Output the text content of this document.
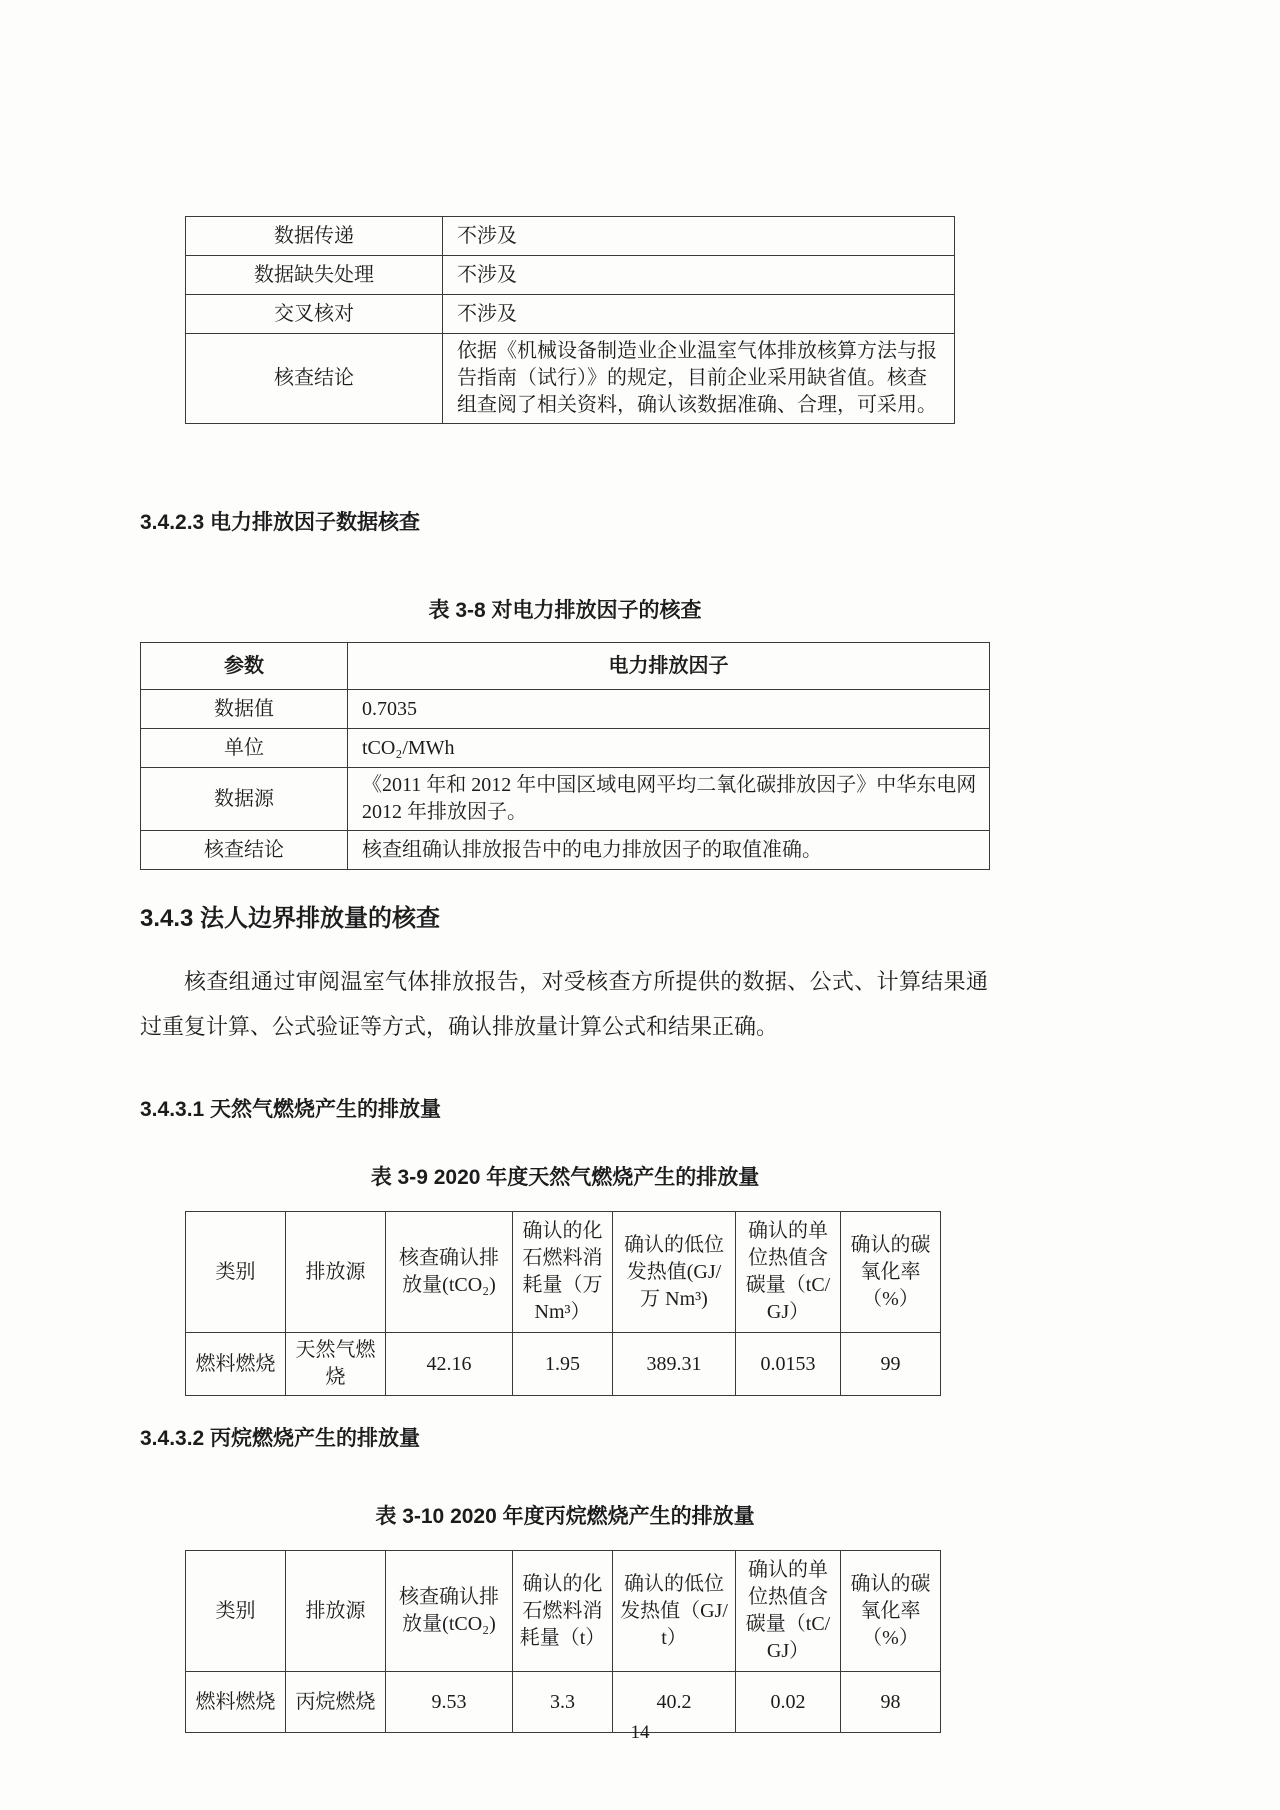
数据传递	不涉及
数据缺失处理	不涉及
交叉核对	不涉及
核查结论	依据《机械设备制造业企业温室气体排放核算方法与报告指南（试行）》的规定，目前企业采用缺省值。核查组查阅了相关资料，确认该数据准确、合理，可采用。

3.4.2.3 电力排放因子数据核查

表 3-8 对电力排放因子的核查

参数	电力排放因子
数据值	0.7035
单位	tCO₂/MWh
数据源	《2011 年和 2012 年中国区域电网平均二氧化碳排放因子》中华东电网 2012 年排放因子。
核查结论	核查组确认排放报告中的电力排放因子的取值准确。

3.4.3 法人边界排放量的核查

核查组通过审阅温室气体排放报告，对受核查方所提供的数据、公式、计算结果通过重复计算、公式验证等方式，确认排放量计算公式和结果正确。

3.4.3.1 天然气燃烧产生的排放量

表 3-9 2020 年度天然气燃烧产生的排放量

类别	排放源	核查确认排放量(tCO₂)	确认的化石燃料消耗量（万 Nm³）	确认的低位发热值(GJ/万 Nm³)	确认的单位热值含碳量（tC/GJ）	确认的碳氧化率（%）
燃料燃烧	天然气燃烧	42.16	1.95	389.31	0.0153	99

3.4.3.2 丙烷燃烧产生的排放量

表 3-10 2020 年度丙烷燃烧产生的排放量

类别	排放源	核查确认排放量(tCO₂)	确认的化石燃料消耗量（t）	确认的低位发热值（GJ/t）	确认的单位热值含碳量（tC/GJ）	确认的碳氧化率（%）
燃料燃烧	丙烷燃烧	9.53	3.3	40.2	0.02	98
14
